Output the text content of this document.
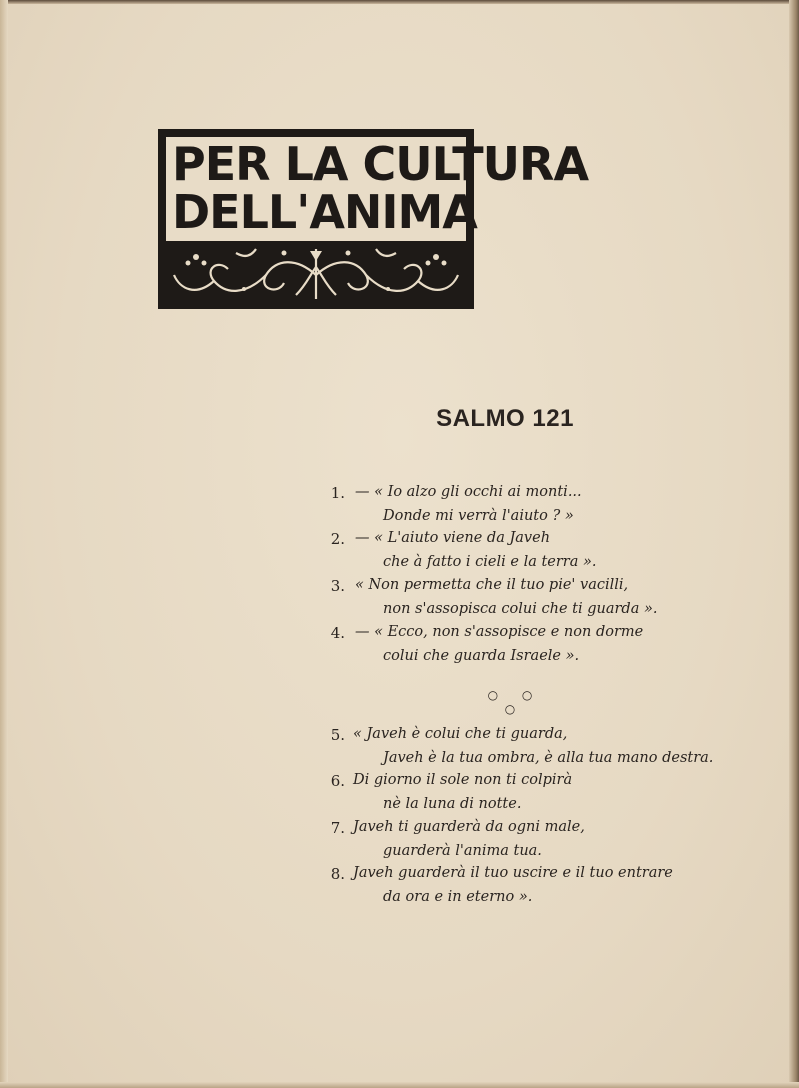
PER LA CULTURA
DELL'ANIMA
SALMO 121
1. — « Io alzo gli occhi ai monti...
Donde mi verrà l'aiuto ? »
2. — « L'aiuto viene da Javeh
che à fatto i cieli e la terra ».
3. « Non permetta che il tuo pie' vacilli,
non s'assopisca colui che ti guarda ».
4. — « Ecco, non s'assopisce e non dorme
colui che guarda Israele ».
○ ○ ○
5. « Javeh è colui che ti guarda,
Javeh è la tua ombra, è alla tua mano destra.
6. Di giorno il sole non ti colpirà
nè la luna di notte.
7. Javeh ti guarderà da ogni male,
guarderà l'anima tua.
8. Javeh guarderà il tuo uscire e il tuo entrare
da ora e in eterno ».
